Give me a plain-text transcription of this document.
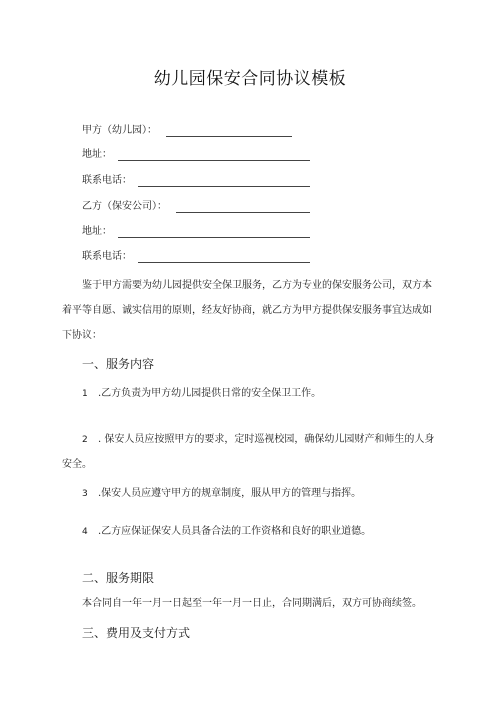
幼儿园保安合同协议模板
甲方（幼儿园）：
地址：
联系电话：
乙方（保安公司）：
地址：
联系电话：
鉴于甲方需要为幼儿园提供安全保卫服务，乙方为专业的保安服务公司，双方本
着平等自愿、诚实信用的原则，经友好协商，就乙方为甲方提供保安服务事宜达成如
下协议：
一、服务内容
1 .乙方负责为甲方幼儿园提供日常的安全保卫工作。
2 . 保安人员应按照甲方的要求，定时巡视校园，确保幼儿园财产和师生的人身
安全。
3 .保安人员应遵守甲方的规章制度，服从甲方的管理与指挥。
4 .乙方应保证保安人员具备合法的工作资格和良好的职业道德。
二、服务期限
本合同自一年一月一日起至一年一月一日止，合同期满后，双方可协商续签。
三、费用及支付方式
